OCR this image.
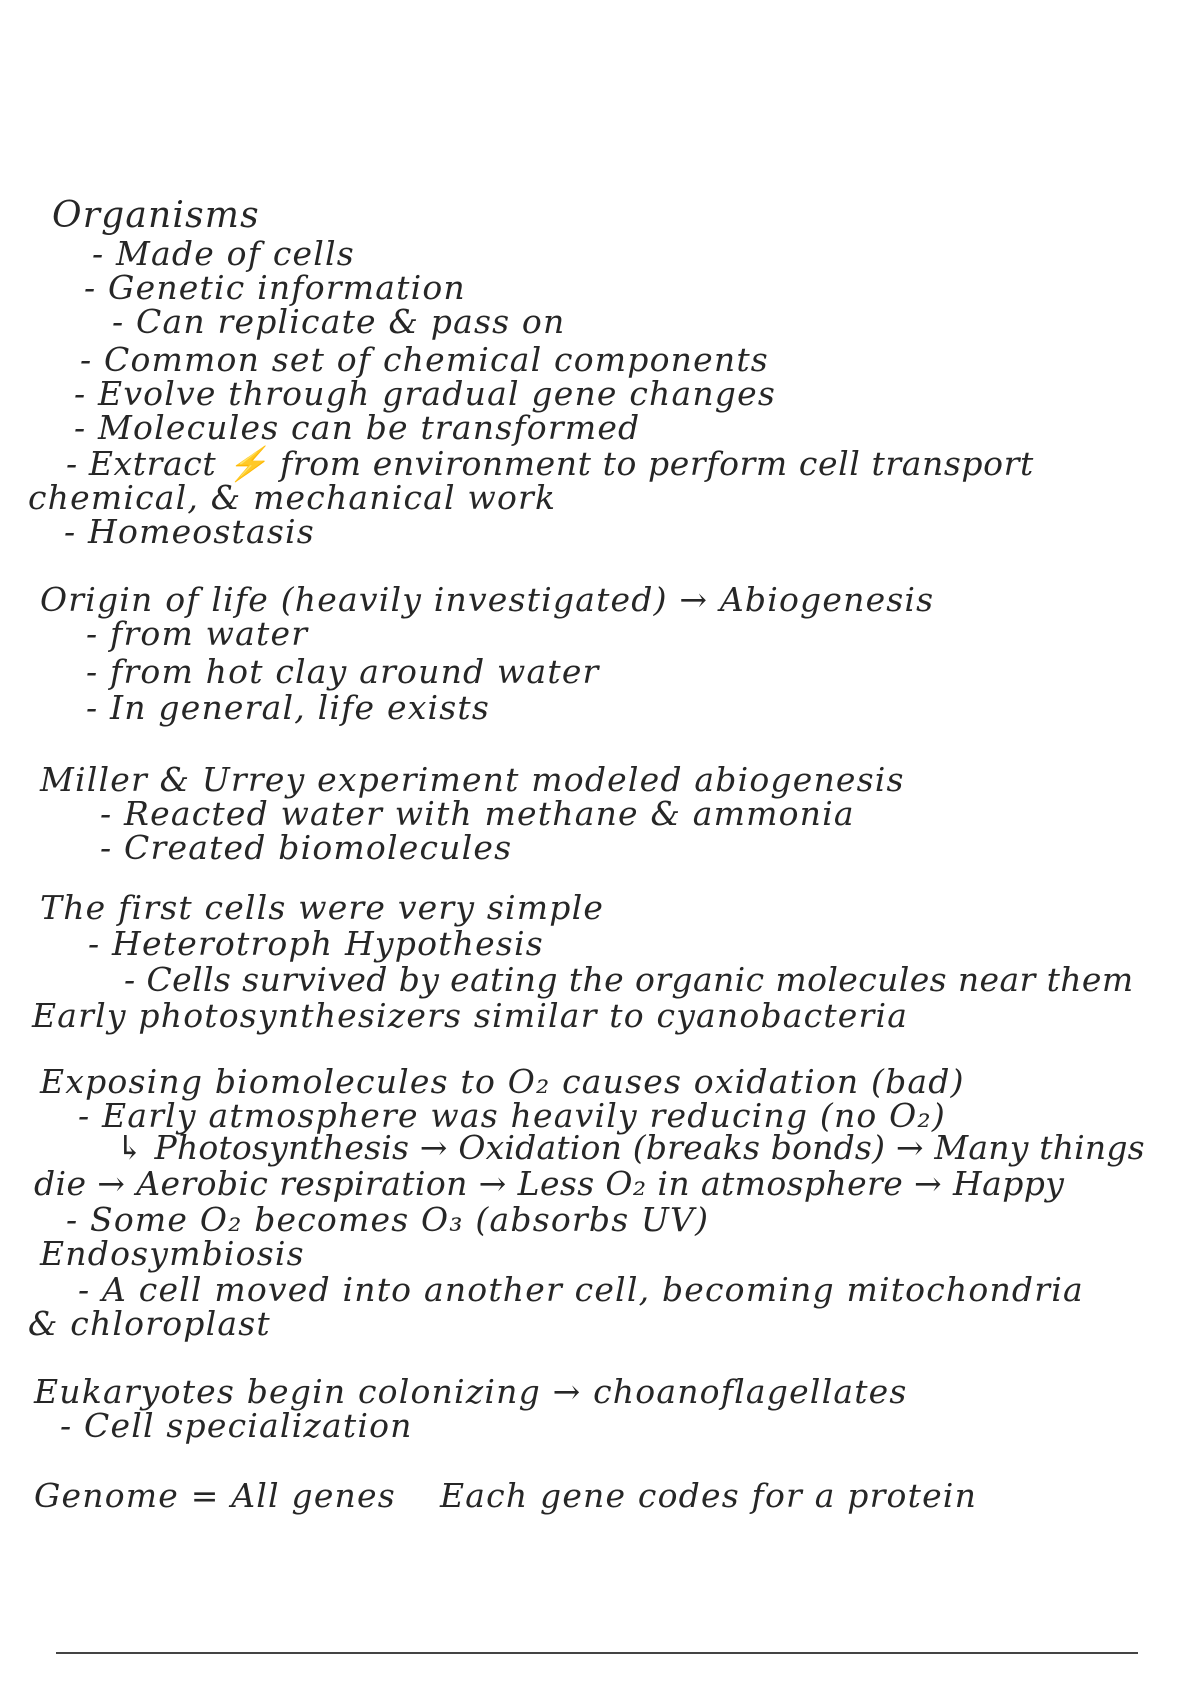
Organisms
- Made of cells
- Genetic information
- Can replicate & pass on
- Common set of chemical components
- Evolve through gradual gene changes
- Molecules can be transformed
- Extract ⚡ from environment to perform cell transport
chemical, & mechanical work
- Homeostasis
Origin of life (heavily investigated) → Abiogenesis
- from water
- from hot clay around water
- In general, life exists
Miller & Urrey experiment modeled abiogenesis
- Reacted water with methane & ammonia
- Created biomolecules
The first cells were very simple
- Heterotroph Hypothesis
- Cells survived by eating the organic molecules near them
Early photosynthesizers similar to cyanobacteria
Exposing biomolecules to O₂ causes oxidation (bad)
- Early atmosphere was heavily reducing (no O₂)
↳ Photosynthesis → Oxidation (breaks bonds) → Many things
die → Aerobic respiration → Less O₂ in atmosphere → Happy
- Some O₂ becomes O₃ (absorbs UV)
Endosymbiosis
- A cell moved into another cell, becoming mitochondria
& chloroplast
Eukaryotes begin colonizing → choanoflagellates
- Cell specialization
Genome = All genes Each gene codes for a protein
